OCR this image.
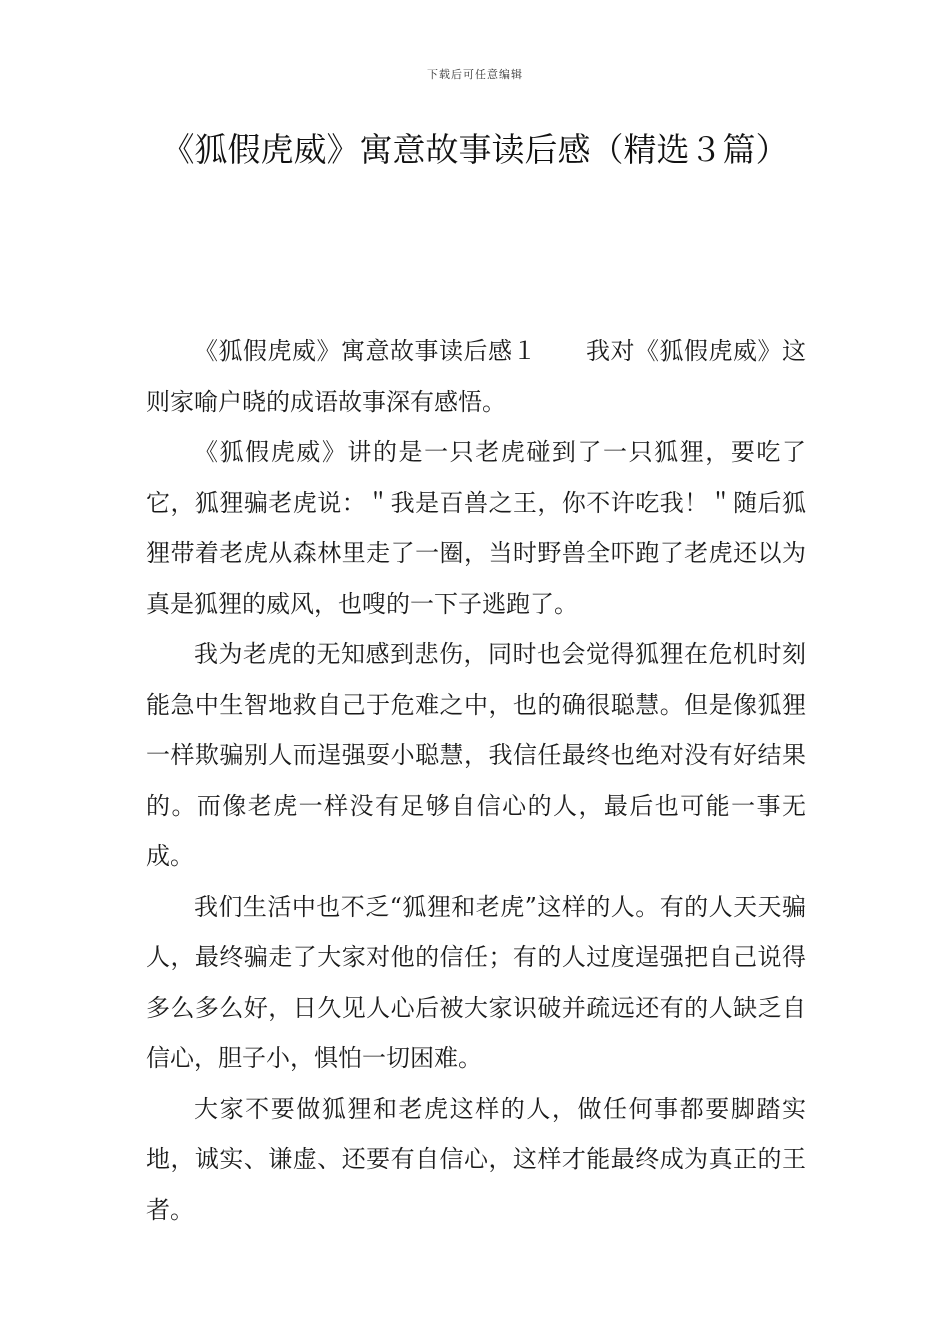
下载后可任意编辑
《狐假虎威》寓意故事读后感（精选３篇）

《狐假虎威》寓意故事读后感１　　我对《狐假虎威》这则家喻户晓的成语故事深有感悟。

《狐假虎威》讲的是一只老虎碰到了一只狐狸，要吃了它，狐狸骗老虎说：＂我是百兽之王，你不许吃我！＂随后狐狸带着老虎从森林里走了一圈，当时野兽全吓跑了老虎还以为真是狐狸的威风，也嗖的一下子逃跑了。

我为老虎的无知感到悲伤，同时也会觉得狐狸在危机时刻能急中生智地救自己于危难之中，也的确很聪慧。但是像狐狸一样欺骗别人而逞强耍小聪慧，我信任最终也绝对没有好结果的。而像老虎一样没有足够自信心的人，最后也可能一事无成。

我们生活中也不乏“狐狸和老虎”这样的人。有的人天天骗人，最终骗走了大家对他的信任；有的人过度逞强把自己说得多么多么好，日久见人心后被大家识破并疏远还有的人缺乏自信心，胆子小，惧怕一切困难。

大家不要做狐狸和老虎这样的人，做任何事都要脚踏实地，诚实、谦虚、还要有自信心，这样才能最终成为真正的王者。
